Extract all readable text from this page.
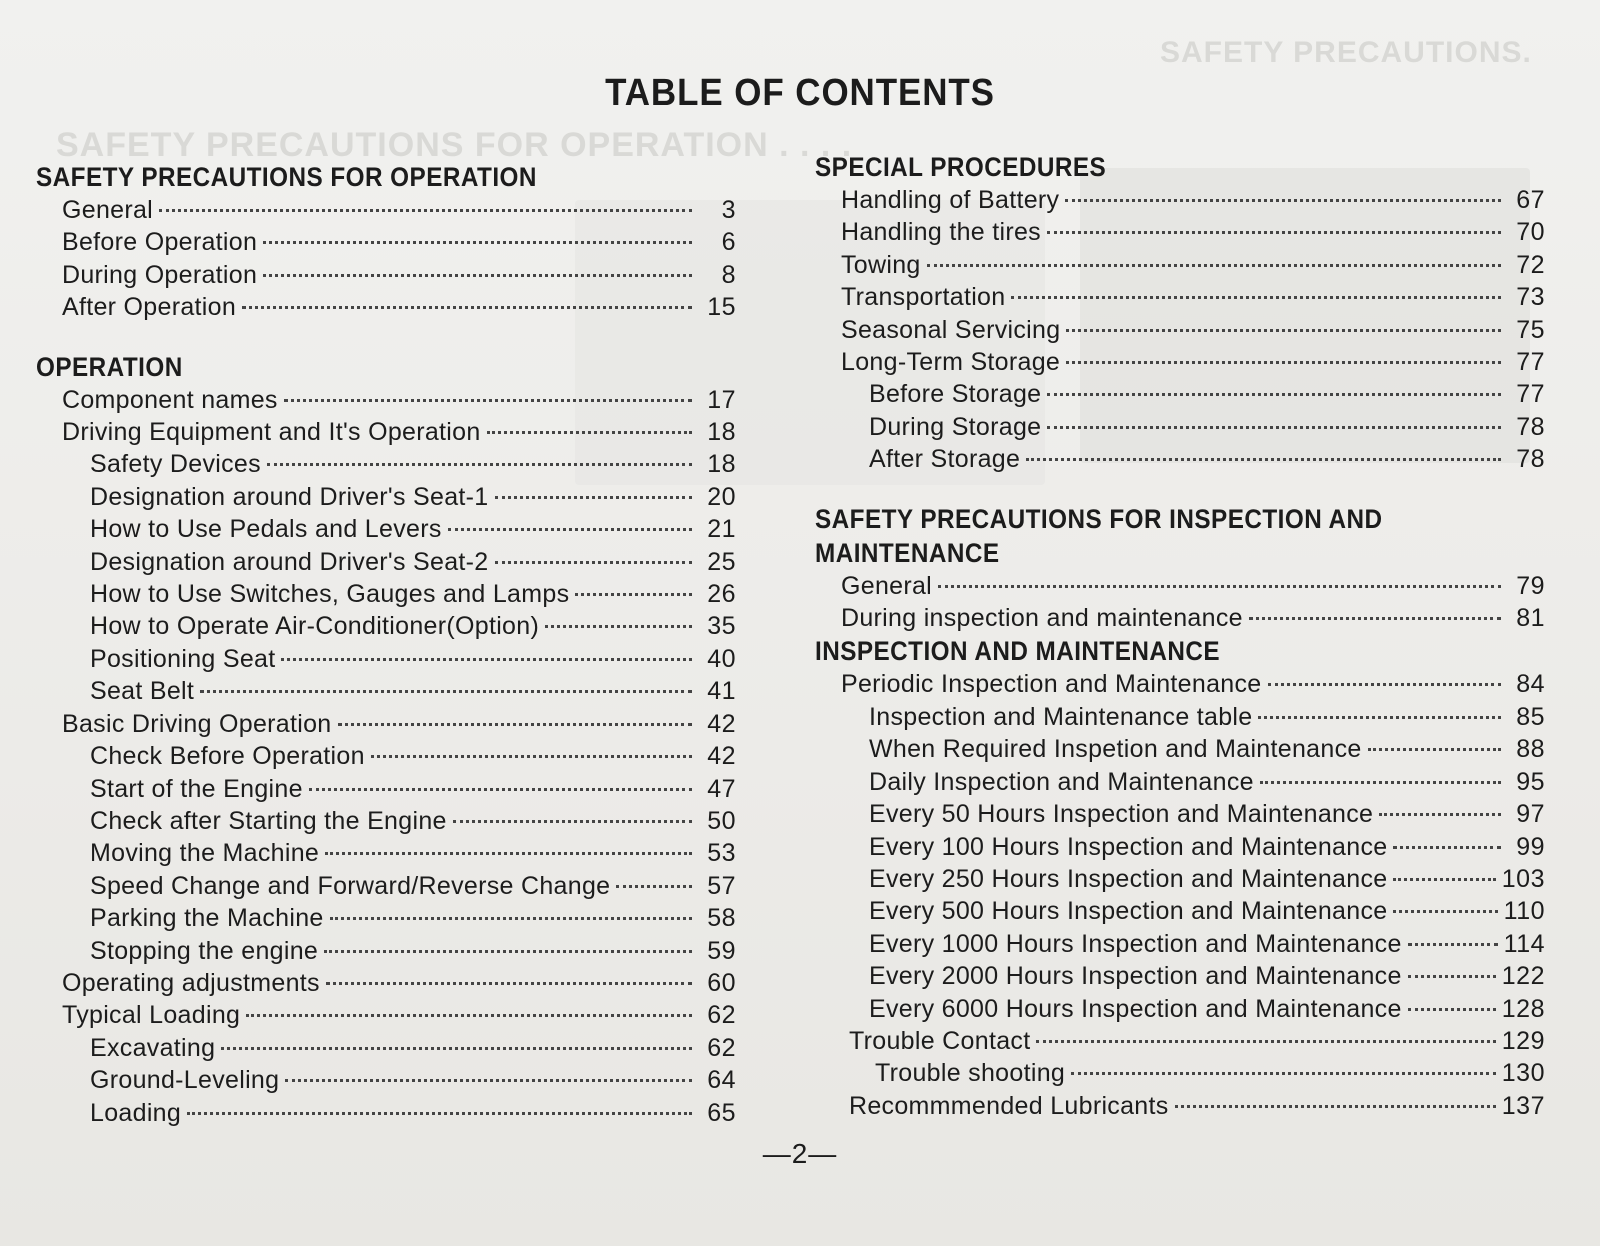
SAFETY PRECAUTIONS.
SAFETY PRECAUTIONS FOR OPERATION . . . .
TABLE OF CONTENTS
SAFETY PRECAUTIONS FOR OPERATION
General	3
Before Operation	6
During Operation	8
After Operation	15
OPERATION
Component names	17
Driving Equipment and It's Operation	18
Safety Devices	18
Designation around Driver's Seat-1	20
How to Use Pedals and Levers	21
Designation around Driver's Seat-2	25
How to Use Switches, Gauges and Lamps	26
How to Operate Air-Conditioner(Option)	35
Positioning Seat	40
Seat Belt	41
Basic Driving Operation	42
Check Before Operation	42
Start of the Engine	47
Check after Starting the Engine	50
Moving the Machine	53
Speed Change and Forward/Reverse Change	57
Parking the Machine	58
Stopping the engine	59
Operating adjustments	60
Typical Loading	62
Excavating	62
Ground-Leveling	64
Loading	65
SPECIAL PROCEDURES
Handling of Battery	67
Handling the tires	70
Towing	72
Transportation	73
Seasonal Servicing	75
Long-Term Storage	77
Before Storage	77
During Storage	78
After Storage	78
SAFETY PRECAUTIONS FOR INSPECTION AND
MAINTENANCE
General	79
During inspection and maintenance	81
INSPECTION AND MAINTENANCE
Periodic Inspection and Maintenance	84
Inspection and Maintenance table	85
When Required Inspetion and Maintenance	88
Daily Inspection and Maintenance	95
Every 50 Hours Inspection and Maintenance	97
Every 100 Hours Inspection and Maintenance	99
Every 250 Hours Inspection and Maintenance	103
Every 500 Hours Inspection and Maintenance	110
Every 1000 Hours Inspection and Maintenance	114
Every 2000 Hours Inspection and Maintenance	122
Every 6000 Hours Inspection and Maintenance	128
Trouble Contact	129
Trouble shooting	130
Recommmended Lubricants	137
—2—
